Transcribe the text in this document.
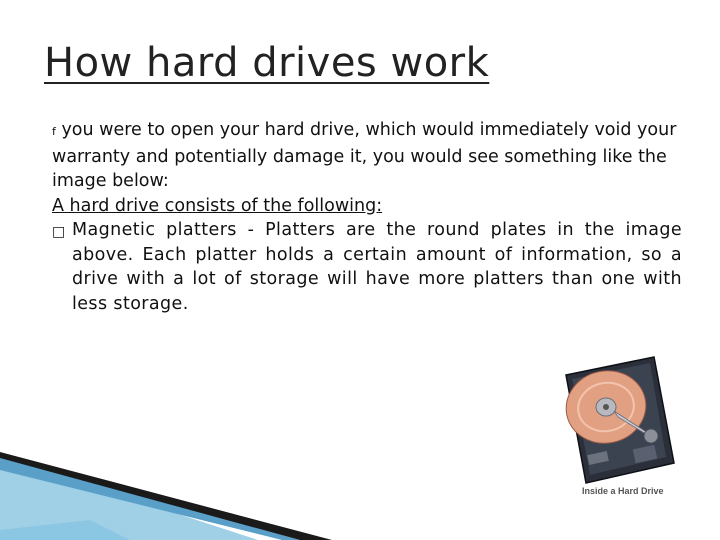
How hard drives work

f you were to open your hard drive, which would immediately void your warranty and potentially damage it, you would see something like the image below:

A hard drive consists of the following:

□ Magnetic platters - Platters are the round plates in the image above. Each platter holds a certain amount of information, so a drive with a lot of storage will have more platters than one with less storage.
Inside a Hard Drive
